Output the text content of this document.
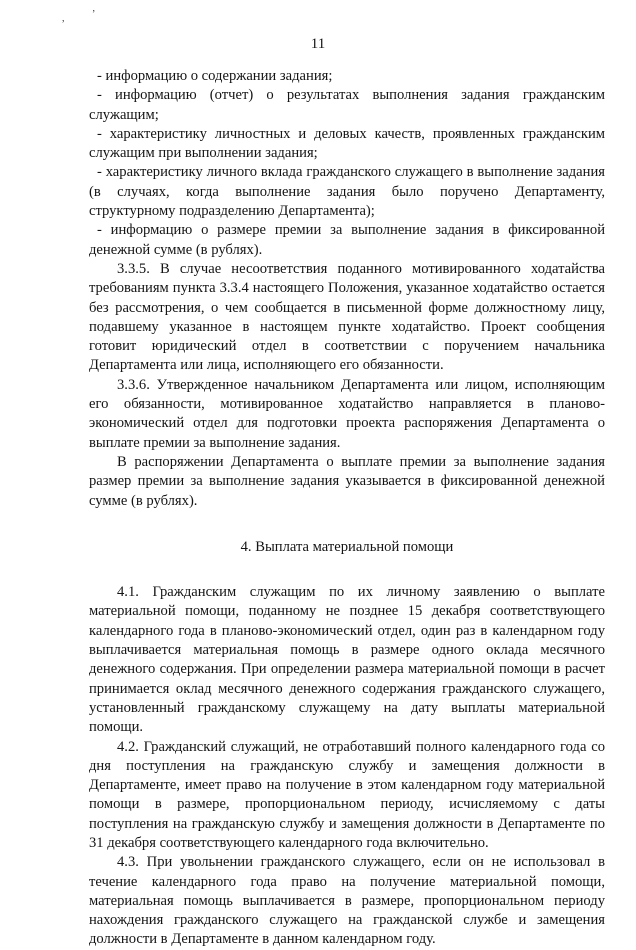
,	’
11

- информацию о содержании задания;

- информацию (отчет) о результатах выполнения задания гражданским служащим;

- характеристику личностных и деловых качеств, проявленных гражданским служащим при выполнении задания;

- характеристику личного вклада гражданского служащего в выполнение задания (в случаях, когда выполнение задания было поручено Департаменту, структурному подразделению Департамента);

- информацию о размере премии за выполнение задания в фиксированной денежной сумме (в рублях).

3.3.5. В случае несоответствия поданного мотивированного ходатайства требованиям пункта 3.3.4 настоящего Положения, указанное ходатайство остается без рассмотрения, о чем сообщается в письменной форме должностному лицу, подавшему указанное в настоящем пункте ходатайство. Проект сообщения готовит юридический отдел в соответствии с поручением начальника Департамента или лица, исполняющего его обязанности.

3.3.6. Утвержденное начальником Департамента или лицом, исполняющим его обязанности, мотивированное ходатайство направляется в планово-экономический отдел для подготовки проекта распоряжения Департамента о выплате премии за выполнение задания.

В распоряжении Департамента о выплате премии за выполнение задания размер премии за выполнение задания указывается в фиксированной денежной сумме (в рублях).

4. Выплата материальной помощи

4.1. Гражданским служащим по их личному заявлению о выплате материальной помощи, поданному не позднее 15 декабря соответствующего календарного года в планово-экономический отдел, один раз в календарном году выплачивается материальная помощь в размере одного оклада месячного денежного содержания. При определении размера материальной помощи в расчет принимается оклад месячного денежного содержания гражданского служащего, установленный гражданскому служащему на дату выплаты материальной помощи.

4.2. Гражданский служащий, не отработавший полного календарного года со дня поступления на гражданскую службу и замещения должности в Департаменте, имеет право на получение в этом календарном году материальной помощи в размере, пропорциональном периоду, исчисляемому с даты поступления на гражданскую службу и замещения должности в Департаменте по 31 декабря соответствующего календарного года включительно.

4.3. При увольнении гражданского служащего, если он не использовал в течение календарного года право на получение материальной помощи, материальная помощь выплачивается в размере, пропорциональном периоду нахождения гражданского служащего на гражданской службе и замещения должности в Департаменте в данном календарном году.
